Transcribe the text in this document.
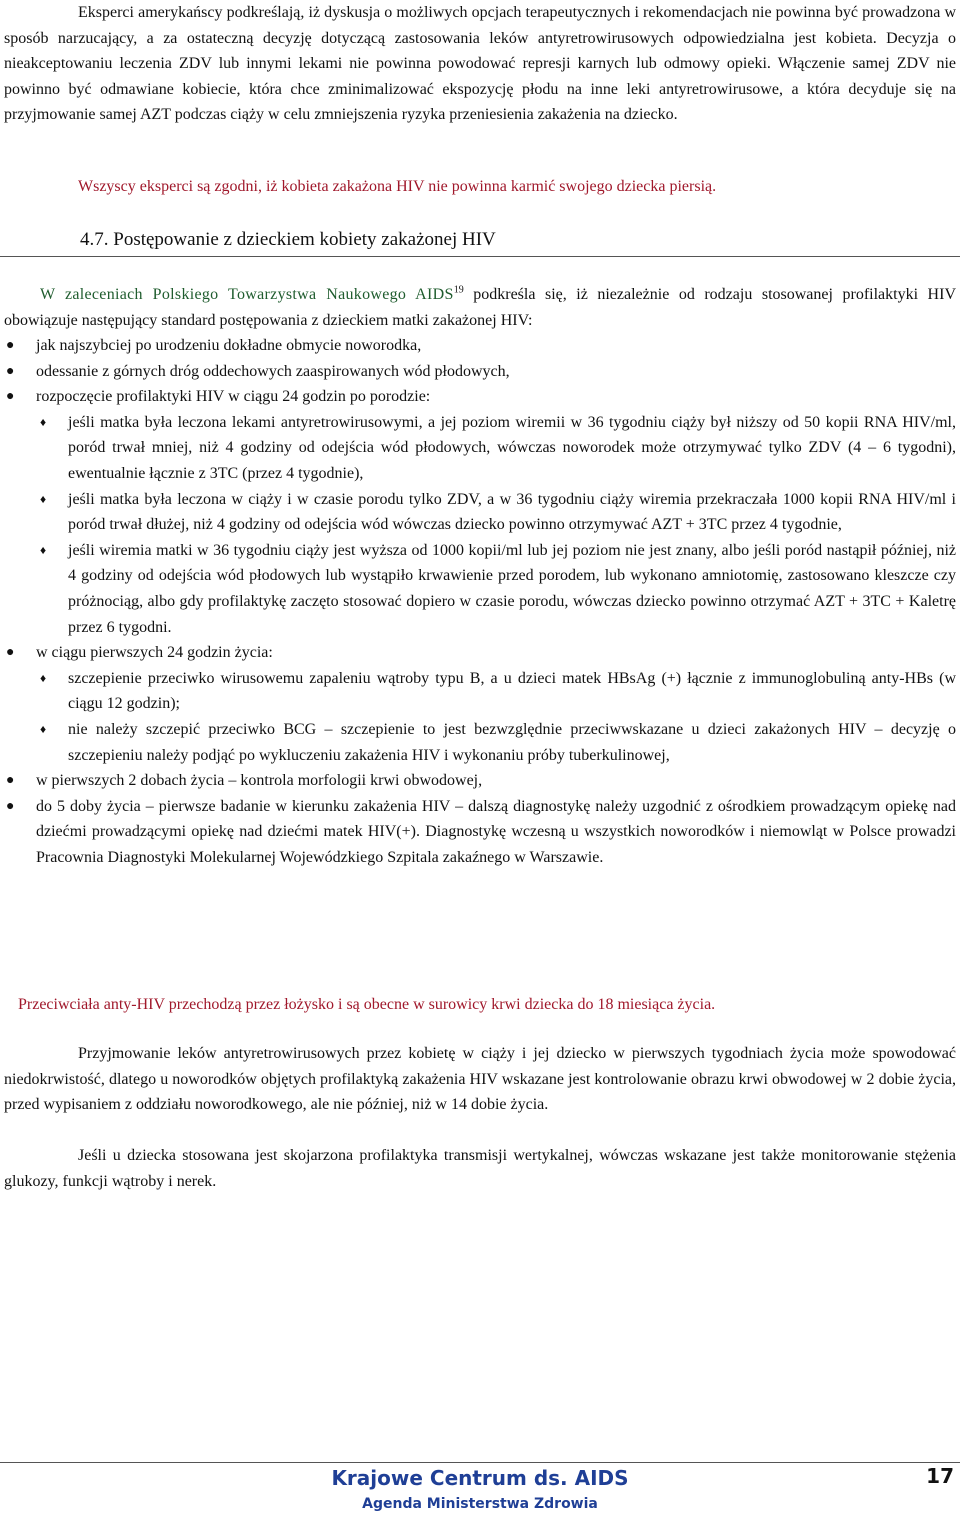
Eksperci amerykańscy podkreślają, iż dyskusja o możliwych opcjach terapeutycznych i rekomendacjach nie powinna być prowadzona w sposób narzucający, a za ostateczną decyzję dotyczącą zastosowania leków antyretrowirusowych odpowiedzialna jest kobieta. Decyzja o nieakceptowaniu leczenia ZDV lub innymi lekami nie powinna powodować represji karnych lub odmowy opieki. Włączenie samej ZDV nie powinno być odmawiane kobiecie, która chce zminimalizować ekspozycję płodu na inne leki antyretrowirusowe, a która decyduje się na przyjmowanie samej AZT podczas ciąży w celu zmniejszenia ryzyka przeniesienia zakażenia na dziecko.

Wszyscy eksperci są zgodni, iż kobieta zakażona HIV nie powinna karmić swojego dziecka piersią.

4.7. Postępowanie z dzieckiem kobiety zakażonej HIV

W zaleceniach Polskiego Towarzystwa Naukowego AIDS$^{19}$ podkreśla się, iż niezależnie od rodzaju stosowanej profilaktyki HIV obowiązuje następujący standard postępowania z dzieckiem matki zakażonej HIV:

● jak najszybciej po urodzeniu dokładne obmycie noworodka,
● odessanie z górnych dróg oddechowych zaaspirowanych wód płodowych,
● rozpoczęcie profilaktyki HIV w ciągu 24 godzin po porodzie:
♦ jeśli matka była leczona lekami antyretrowirusowymi, a jej poziom wiremii w 36 tygodniu ciąży był niższy od 50 kopii RNA HIV/ml, poród trwał mniej, niż 4 godziny od odejścia wód płodowych, wówczas noworodek może otrzymywać tylko ZDV (4 – 6 tygodni), ewentualnie łącznie z 3TC (przez 4 tygodnie),
♦ jeśli matka była leczona w ciąży i w czasie porodu tylko ZDV, a w 36 tygodniu ciąży wiremia przekraczała 1000 kopii RNA HIV/ml i poród trwał dłużej, niż 4 godziny od odejścia wód wówczas dziecko powinno otrzymywać AZT + 3TC przez 4 tygodnie,
♦ jeśli wiremia matki w 36 tygodniu ciąży jest wyższa od 1000 kopii/ml lub jej poziom nie jest znany, albo jeśli poród nastąpił później, niż 4 godziny od odejścia wód płodowych lub wystąpiło krwawienie przed porodem, lub wykonano amniotomię, zastosowano kleszcze czy próżnociąg, albo gdy profilaktykę zaczęto stosować dopiero w czasie porodu, wówczas dziecko powinno otrzymać AZT + 3TC + Kaletrę przez 6 tygodni.
● w ciągu pierwszych 24 godzin życia:
♦ szczepienie przeciwko wirusowemu zapaleniu wątroby typu B, a u dzieci matek HBsAg (+) łącznie z immunoglobuliną anty-HBs (w ciągu 12 godzin);
♦ nie należy szczepić przeciwko BCG – szczepienie to jest bezwzględnie przeciwwskazane u dzieci zakażonych HIV – decyzję o szczepieniu należy podjąć po wykluczeniu zakażenia HIV i wykonaniu próby tuberkulinowej,
● w pierwszych 2 dobach życia – kontrola morfologii krwi obwodowej,
● do 5 doby życia – pierwsze badanie w kierunku zakażenia HIV – dalszą diagnostykę należy uzgodnić z ośrodkiem prowadzącym opiekę nad dziećmi prowadzącymi opiekę nad dziećmi matek HIV(+). Diagnostykę wczesną u wszystkich noworodków i niemowląt w Polsce prowadzi Pracownia Diagnostyki Molekularnej Wojewódzkiego Szpitala zakaźnego w Warszawie.

Przeciwciała anty-HIV przechodzą przez łożysko i są obecne w surowicy krwi dziecka do 18 miesiąca życia.

Przyjmowanie leków antyretrowirusowych przez kobietę w ciąży i jej dziecko w pierwszych tygodniach życia może spowodować niedokrwistość, dlatego u noworodków objętych profilaktyką zakażenia HIV wskazane jest kontrolowanie obrazu krwi obwodowej w 2 dobie życia, przed wypisaniem z oddziału noworodkowego, ale nie później, niż w 14 dobie życia.

Jeśli u dziecka stosowana jest skojarzona profilaktyka transmisji wertykalnej, wówczas wskazane jest także monitorowanie stężenia glukozy, funkcji wątroby i nerek.

Krajowe Centrum ds. AIDS
Agenda Ministerstwa Zdrowia
17
